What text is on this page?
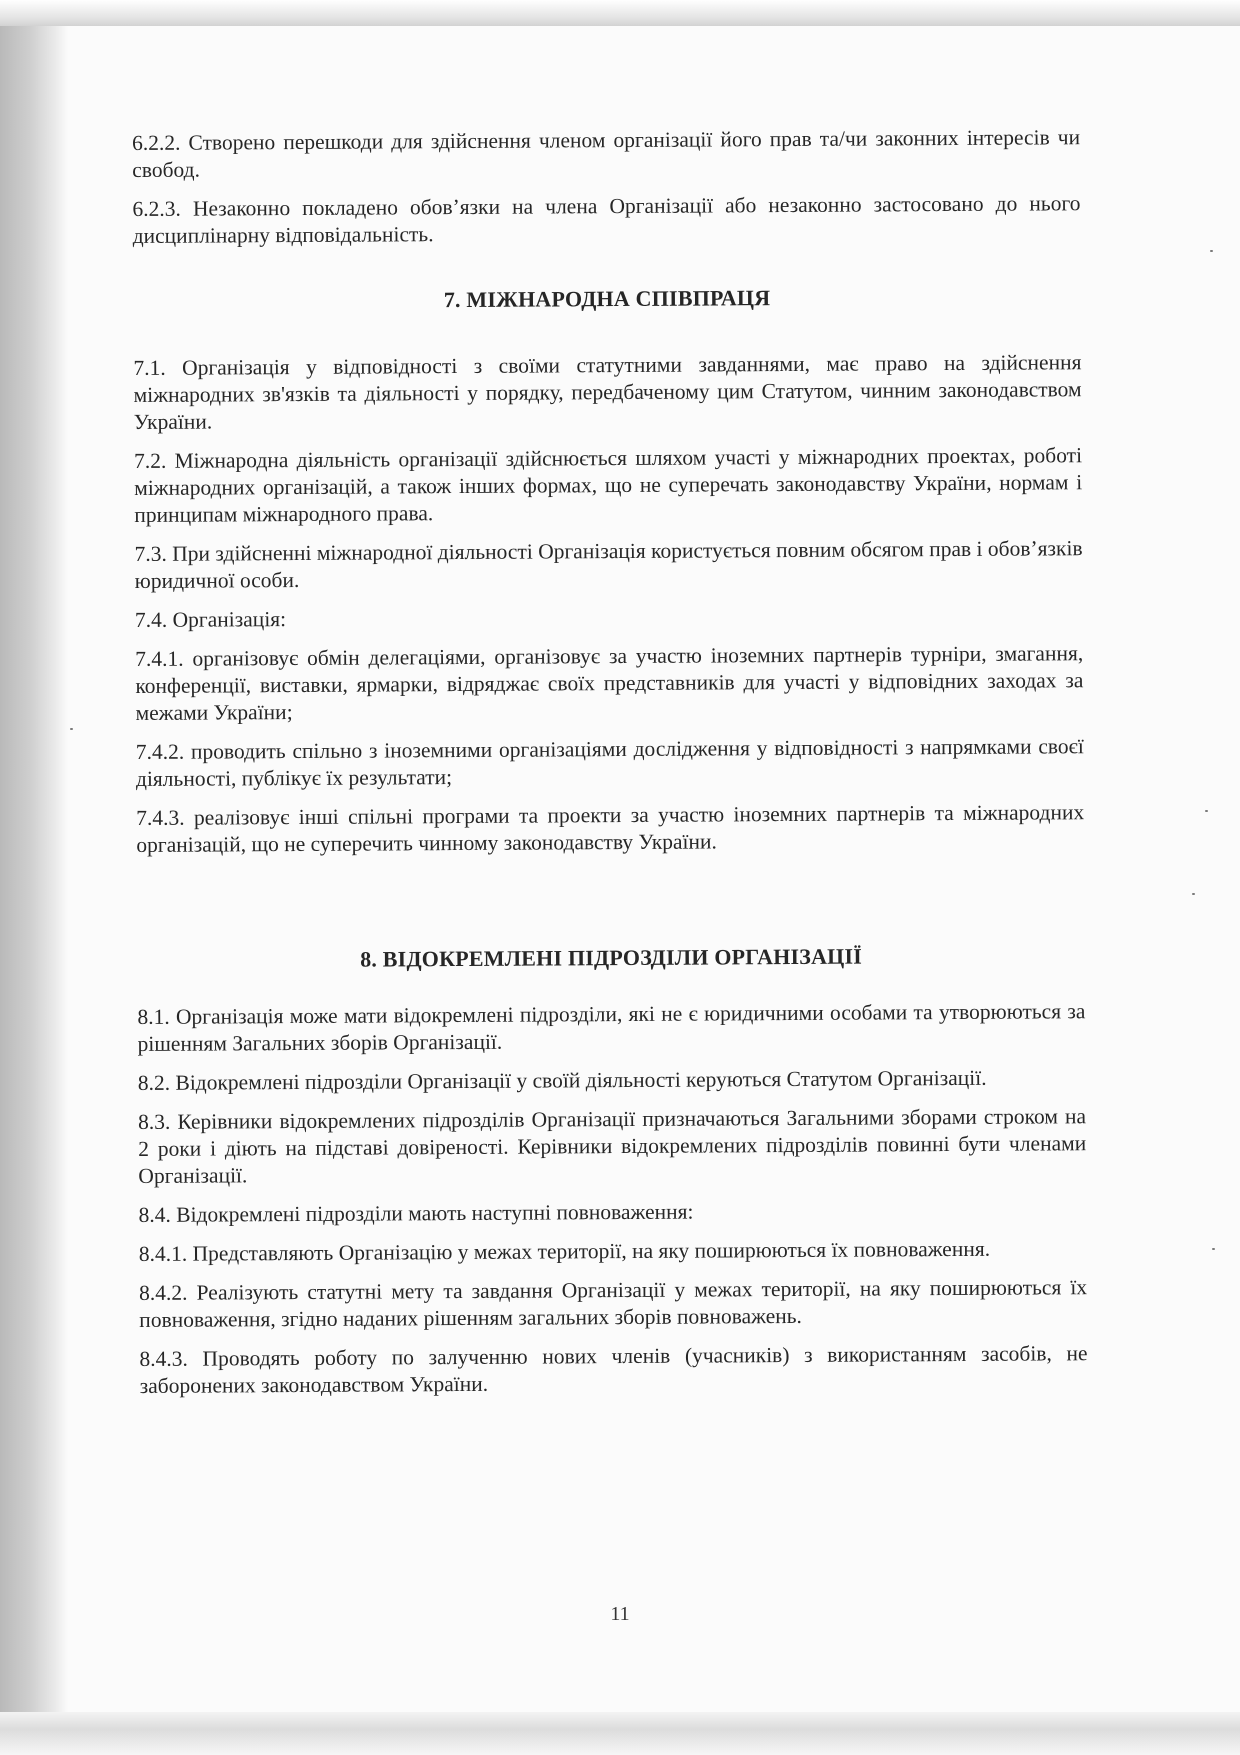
6.2.2. Створено перешкоди для здійснення членом організації його прав та/чи законних інтересів чи свобод.

6.2.3. Незаконно покладено обов’язки на члена Організації або незаконно застосовано до нього дисциплінарну відповідальність.

7. МІЖНАРОДНА СПІВПРАЦЯ

7.1. Організація у відповідності з своїми статутними завданнями, має право на здійснення міжнародних зв'язків та діяльності у порядку, передбаченому цим Статутом, чинним законодавством України.

7.2. Міжнародна діяльність організації здійснюється шляхом участі у міжнародних проектах, роботі міжнародних організацій, а також інших формах, що не суперечать законодавству України, нормам і принципам міжнародного права.

7.3. При здійсненні міжнародної діяльності Організація користується повним обсягом прав і обов’язків юридичної особи.

7.4. Організація:

7.4.1. організовує обмін делегаціями, організовує за участю іноземних партнерів турніри, змагання, конференції, виставки, ярмарки, відряджає своїх представників для участі у відповідних заходах за межами України;

7.4.2. проводить спільно з іноземними організаціями дослідження у відповідності з напрямками своєї діяльності, публікує їх результати;

7.4.3. реалізовує інші спільні програми та проекти за участю іноземних партнерів та міжнародних організацій, що не суперечить чинному законодавству України.

8. ВІДОКРЕМЛЕНІ ПІДРОЗДІЛИ ОРГАНІЗАЦІЇ

8.1. Організація може мати відокремлені підрозділи, які не є юридичними особами та утворюються за рішенням Загальних зборів Організації.

8.2. Відокремлені підрозділи Організації у своїй діяльності керуються Статутом Організації.

8.3. Керівники відокремлених підрозділів Організації призначаються Загальними зборами строком на 2 роки і діють на підставі довіреності. Керівники відокремлених підрозділів повинні бути членами Організації.

8.4. Відокремлені підрозділи мають наступні повноваження:

8.4.1. Представляють Організацію у межах території, на яку поширюються їх повноваження.

8.4.2. Реалізують статутні мету та завдання Організації у межах території, на яку поширюються їх повноваження, згідно наданих рішенням загальних зборів повноважень.

8.4.3. Проводять роботу по залученню нових членів (учасників) з використанням засобів, не заборонених законодавством України.

11
